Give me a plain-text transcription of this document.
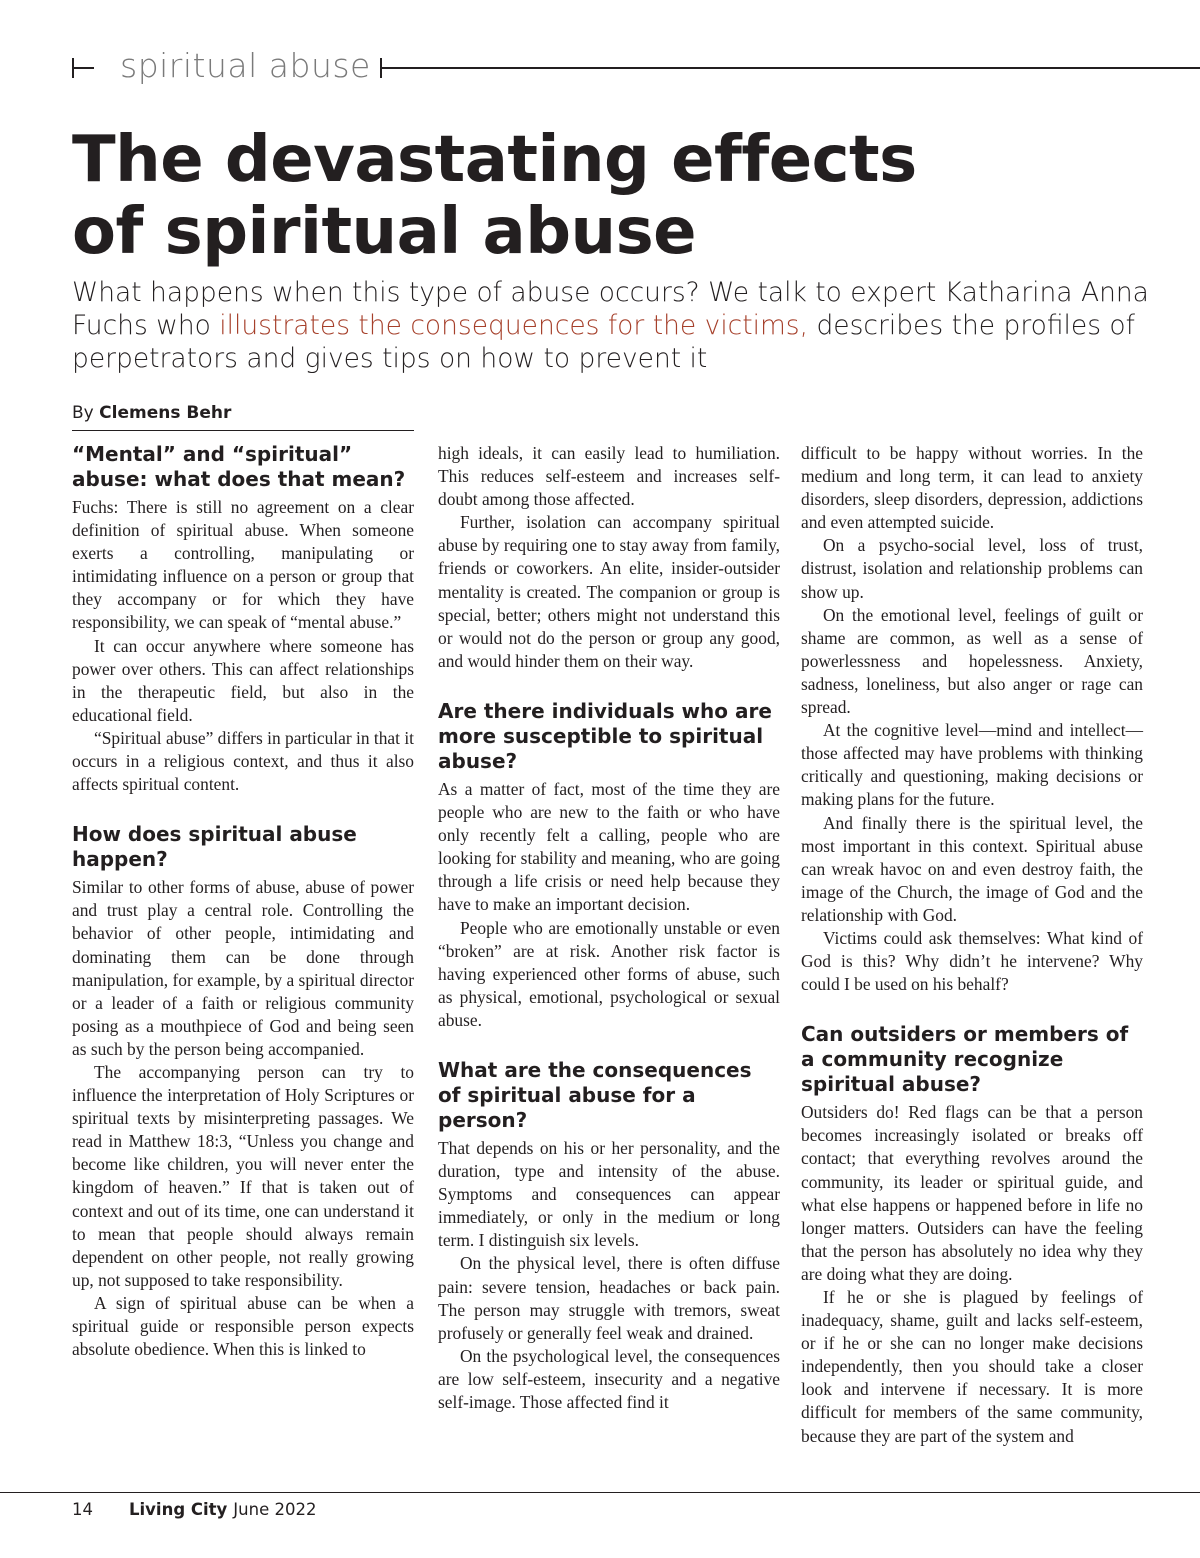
spiritual abuse
The devastating effects
of spiritual abuse

What happens when this type of abuse occurs? We talk to expert Katharina Anna Fuchs who illustrates the consequences for the victims, describes the profiles of perpetrators and gives tips on how to prevent it

By Clemens Behr
“Mental” and “spiritual” abuse: what does that mean?

Fuchs: There is still no agreement on a clear definition of spiritual abuse. When someone exerts a controlling, manipulating or intimidating influence on a person or group that they accompany or for which they have responsibility, we can speak of “mental abuse.”

It can occur anywhere where someone has power over others. This can affect relationships in the therapeutic field, but also in the educational field.

“Spiritual abuse” differs in particular in that it occurs in a religious context, and thus it also affects spiritual content.

How does spiritual abuse happen?

Similar to other forms of abuse, abuse of power and trust play a central role. Controlling the behavior of other people, intimidating and dominating them can be done through manipulation, for example, by a spiritual director or a leader of a faith or religious community posing as a mouthpiece of God and being seen as such by the person being accompanied.

The accompanying person can try to influence the interpretation of Holy Scriptures or spiritual texts by misinterpreting passages. We read in Matthew 18:3, “Unless you change and become like children, you will never enter the kingdom of heaven.” If that is taken out of context and out of its time, one can understand it to mean that people should always remain dependent on other people, not really growing up, not supposed to take responsibility.

A sign of spiritual abuse can be when a spiritual guide or responsible person expects absolute obedience. When this is linked to

high ideals, it can easily lead to humiliation. This reduces self-esteem and increases self-doubt among those affected.

Further, isolation can accompany spiritual abuse by requiring one to stay away from family, friends or coworkers. An elite, insider-outsider mentality is created. The companion or group is special, better; others might not understand this or would not do the person or group any good, and would hinder them on their way.

Are there individuals who are more susceptible to spiritual abuse?

As a matter of fact, most of the time they are people who are new to the faith or who have only recently felt a calling, people who are looking for stability and meaning, who are going through a life crisis or need help because they have to make an important decision.

People who are emotionally unstable or even “broken” are at risk. Another risk factor is having experienced other forms of abuse, such as physical, emotional, psychological or sexual abuse.

What are the consequences of spiritual abuse for a person?

That depends on his or her personality, and the duration, type and intensity of the abuse. Symptoms and consequences can appear immediately, or only in the medium or long term. I distinguish six levels.

On the physical level, there is often diffuse pain: severe tension, headaches or back pain. The person may struggle with tremors, sweat profusely or generally feel weak and drained.

On the psychological level, the consequences are low self-esteem, insecurity and a negative self-image. Those affected find it

difficult to be happy without worries. In the medium and long term, it can lead to anxiety disorders, sleep disorders, depression, addictions and even attempted suicide.

On a psycho-social level, loss of trust, distrust, isolation and relationship problems can show up.

On the emotional level, feelings of guilt or shame are common, as well as a sense of powerlessness and hopelessness. Anxiety, sadness, loneliness, but also anger or rage can spread.

At the cognitive level—mind and intellect—those affected may have problems with thinking critically and questioning, making decisions or making plans for the future.

And finally there is the spiritual level, the most important in this context. Spiritual abuse can wreak havoc on and even destroy faith, the image of the Church, the image of God and the relationship with God.

Victims could ask themselves: What kind of God is this? Why didn’t he intervene? Why could I be used on his behalf?

Can outsiders or members of a community recognize spiritual abuse?

Outsiders do! Red flags can be that a person becomes increasingly isolated or breaks off contact; that everything revolves around the community, its leader or spiritual guide, and what else happens or happened before in life no longer matters. Outsiders can have the feeling that the person has absolutely no idea why they are doing what they are doing.

If he or she is plagued by feelings of inadequacy, shame, guilt and lacks self-esteem, or if he or she can no longer make decisions independently, then you should take a closer look and intervene if necessary. It is more difficult for members of the same community, because they are part of the system and

14 Living City June 2022
